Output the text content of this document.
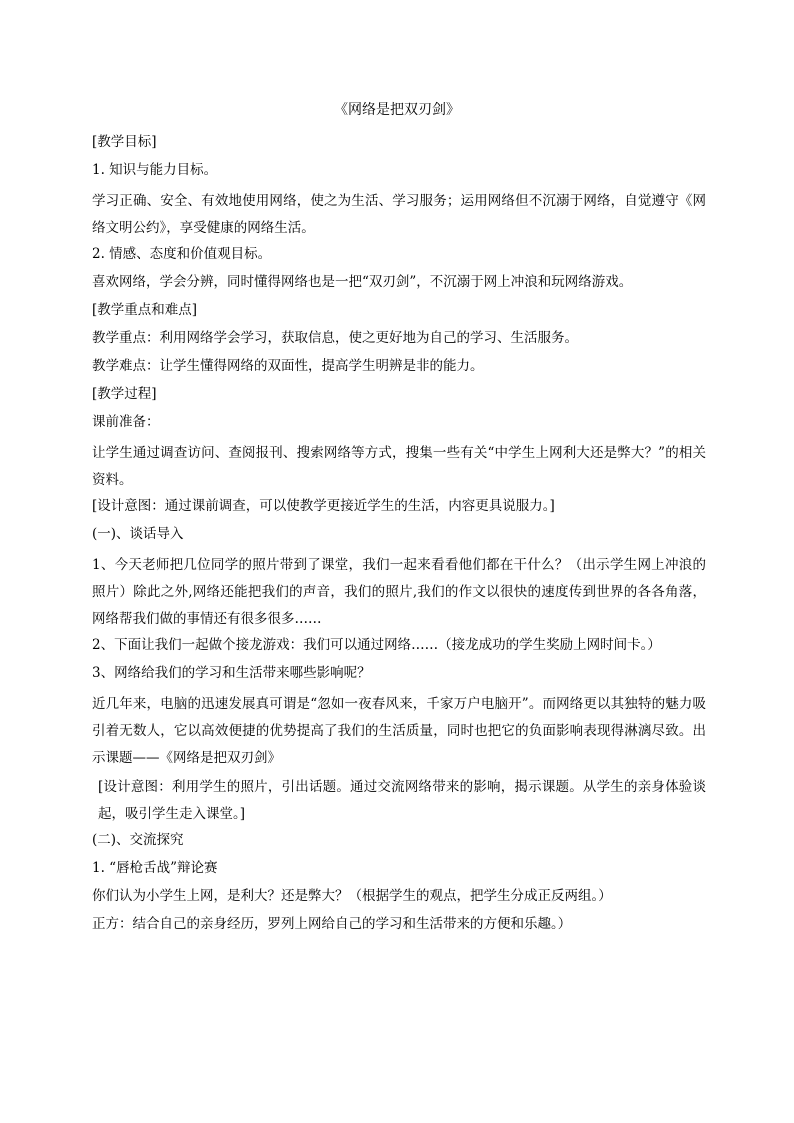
《网络是把双刃剑》
[教学目标]
1. 知识与能力目标。
学习正确、安全、有效地使用网络，使之为生活、学习服务；运用网络但不沉溺于网络，自觉遵守《网络文明公约》，享受健康的网络生活。
2. 情感、态度和价值观目标。
喜欢网络，学会分辨，同时懂得网络也是一把“双刃剑”，不沉溺于网上冲浪和玩网络游戏。
[教学重点和难点]
教学重点：利用网络学会学习，获取信息，使之更好地为自己的学习、生活服务。
教学难点：让学生懂得网络的双面性，提高学生明辨是非的能力。
[教学过程]
课前准备：
让学生通过调查访问、查阅报刊、搜索网络等方式，搜集一些有关“中学生上网利大还是弊大？”的相关资料。
[设计意图：通过课前调查，可以使教学更接近学生的生活，内容更具说服力。]
(一)、谈话导入
1、今天老师把几位同学的照片带到了课堂，我们一起来看看他们都在干什么？（出示学生网上冲浪的照片）除此之外,网络还能把我们的声音，我们的照片,我们的作文以很快的速度传到世界的各各角落，网络帮我们做的事情还有很多很多……
2、下面让我们一起做个接龙游戏：我们可以通过网络……（接龙成功的学生奖励上网时间卡。）
3、网络给我们的学习和生活带来哪些影响呢？
近几年来，电脑的迅速发展真可谓是“忽如一夜春风来，千家万户电脑开”。而网络更以其独特的魅力吸引着无数人，它以高效便捷的优势提高了我们的生活质量，同时也把它的负面影响表现得淋漓尽致。出示课题——《网络是把双刃剑》
[设计意图：利用学生的照片，引出话题。通过交流网络带来的影响，揭示课题。从学生的亲身体验谈起，吸引学生走入课堂。]
(二)、交流探究
1. “唇枪舌战”辩论赛
你们认为小学生上网，是利大？还是弊大？（根据学生的观点，把学生分成正反两组。）
正方：结合自己的亲身经历，罗列上网给自己的学习和生活带来的方便和乐趣。）
